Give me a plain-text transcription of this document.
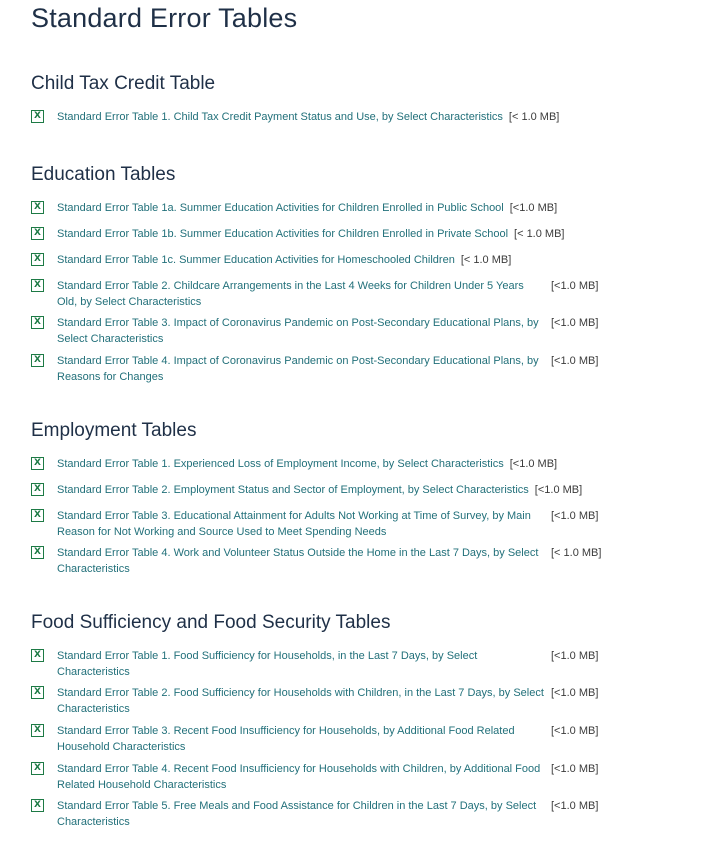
Standard Error Tables
Child Tax Credit Table
X Standard Error Table 1. Child Tax Credit Payment Status and Use, by Select Characteristics [< 1.0 MB]
Education Tables
X Standard Error Table 1a. Summer Education Activities for Children Enrolled in Public School [<1.0 MB]
X Standard Error Table 1b. Summer Education Activities for Children Enrolled in Private School [< 1.0 MB]
X Standard Error Table 1c. Summer Education Activities for Homeschooled Children [< 1.0 MB]
X Standard Error Table 2. Childcare Arrangements in the Last 4 Weeks for Children Under 5 Years Old, by Select Characteristics
[<1.0 MB]
X Standard Error Table 3. Impact of Coronavirus Pandemic on Post-Secondary Educational Plans, by Select Characteristics
[<1.0 MB]
X Standard Error Table 4. Impact of Coronavirus Pandemic on Post-Secondary Educational Plans, by Reasons for Changes
[<1.0 MB]
Employment Tables
X Standard Error Table 1. Experienced Loss of Employment Income, by Select Characteristics [<1.0 MB]
X Standard Error Table 2. Employment Status and Sector of Employment, by Select Characteristics [<1.0 MB]
X Standard Error Table 3. Educational Attainment for Adults Not Working at Time of Survey, by Main Reason for Not Working and Source Used to Meet Spending Needs
[<1.0 MB]
X Standard Error Table 4. Work and Volunteer Status Outside the Home in the Last 7 Days, by Select Characteristics
[< 1.0 MB]
Food Sufficiency and Food Security Tables
X Standard Error Table 1. Food Sufficiency for Households, in the Last 7 Days, by Select Characteristics
[<1.0 MB]
X Standard Error Table 2. Food Sufficiency for Households with Children, in the Last 7 Days, by Select Characteristics
[<1.0 MB]
X Standard Error Table 3. Recent Food Insufficiency for Households, by Additional Food Related Household Characteristics
[<1.0 MB]
X Standard Error Table 4. Recent Food Insufficiency for Households with Children, by Additional Food Related Household Characteristics
[<1.0 MB]
X Standard Error Table 5. Free Meals and Food Assistance for Children in the Last 7 Days, by Select Characteristics
[<1.0 MB]
